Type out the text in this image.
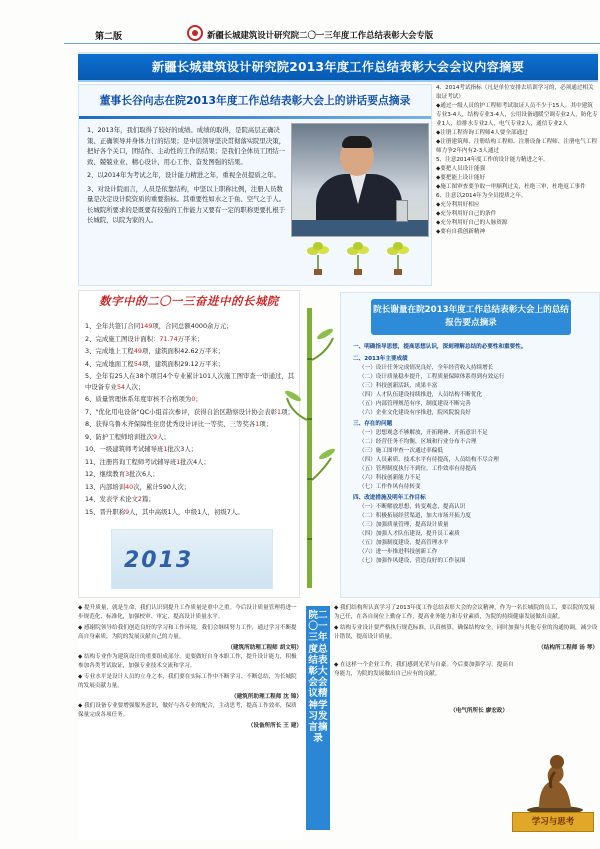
第二版	新疆长城建筑设计研究院二〇一三年度工作总结表彰大会专版
新疆长城建筑设计研究院2013年度工作总结表彰大会会议内容摘要
董事长谷向志在院2013年度工作总结表彰大会上的讲话要点摘录

1、2013年，我们取得了较好的成绩。成绩的取得，是院高层正确决策、正确领导并身体力行的结果；是中层领导坚决贯彻落实院里决策，把好各个关口，团结作、主动性的工作的结果；是我们全体员工团结一致、兢兢业业、精心设计、用心工作、奋发图强的结果。

2、以2014年为考试之年，设计能力精进之年，重视全员提质之年。

3、对设计院而言，人员是依靠结构，中坚以上职称比例，注册人员数量是决定设计院资质的重要指标。其重要性如水之于鱼、空气之于人。长城院所要求的是既要有较强的工作能力又要有一定的职称更要扎根于长城院，以院为家的人。

4、2014考试指标（凡是单位安排去培训学习的，必须通过相关取证考试）
◆通过一级人员的护工程师考试取证人员不少于15人。其中建筑专业3-4人，结构专业3-4人，公用设备通暖空调专业2人，防化专业1人，给排水专业2人，电气专业2人，通信专业2人
◆注册工程咨询工程师4人要全部通过
◆注册建筑师、注册结构工程师、注册设备工程师、注册电气工程师力争2年内有2-3人通过
5、注意2014年度工作的设计能力精进之年。
◆要把人员设计能强
◆要把能上设计能好
◆施工图审查要争取一审顺利过关，杜绝三审，杜绝返工事件
6、注意以2014年为全员提质之年。
◆充分利用好相应
◆充分利用好自己的条件
◆充分利用好自己的人脉资源
◆要有自我创新精神
数字中的二〇一三奋进中的长城院
1、全年共签订合同149项，合同总额4000余万元；
2、完成施工图设计面积：71.74万平米；
3、完成地上工程49项，建筑面积42.62万平米；
4、完成地面工程54项，建筑面积29.12万平米；
5、全年有25人在38个项目4个专业累计101人次施工图审查一审通过，其中设备专业54人次；
6、质量管理体系年度审核不合格项为0；
7、"优化用电设备"QC小组首次参评，获得自治区勘察设计协会表彰1项；
8、获得乌鲁木齐保障性住房优秀设计评比一等奖、三等奖各1项；
9、防护工程师培训批次9人；
10、一级建筑师考试辅导班1批次3人；
11、注册咨询工程师考试辅导班1批次4人；
12、继续教育3批次6人；
13、内部培训40次，累计590人次；
14、发表学术论文2篇；
15、晋升职称9人，其中高级1人，中级1人，初级7人。
2013
院长谢量在院2013年度工作总结表彰大会上的总结报告要点摘录
一、明确指导思想，提高思想认识，深刻理解总结的必要性和重要性。
二、2013年主要成绩
（一）设计任务完成情况良好，全年经营收入持续增长
（二）设计质量稳步提升，工程质量保障体系得到有效运行
（三）科技创新活跃，成果丰富
（四）人才队伍建设持续推进，人员结构不断优化
（五）内部管理规范有序，制度建设不断完善
（六）企业文化建设有序推进，院风院貌良好
三、存在的问题
（一）思想观念不够解放，开拓精神、开拓意识不足
（二）经营任务不均衡，区域和行业分布不合理
（三）施工图审查一次通过率偏低
（四）人员素质、技术水平有待提高，人员结构不尽合理
（五）管理制度执行不到位，工作效率有待提高
（六）科技创新能力不足
（七）工作作风有待转变
四、改进措施及明年工作目标
（一）不断解放思想，转变观念，提高认识
（二）积极拓展经营渠道，加大市场开拓力度
（三）加强质量管理，提高设计质量
（四）加强人才队伍建设，提升员工素质
（五）加强制度建设，提高管理水平
（六）进一步推进科技创新工作
（七）加强作风建设，营造良好的工作氛围

◆ 提升质量，就是生命，我们认识到提升工作质量是重中之重。今后设计质量管理将进一步规范化、标准化，加强校审、审定，提高设计质量水平。

◆ 感谢院领导给我们创造良好的学习和工作环境，我们会继续努力工作，通过学习不断提高自身素质，为院的发展贡献自己的力量。

（建筑所助理工程师 胡文明）

◆ 结构专业作为建筑设计的重要组成部分，更要做好自身本职工作，提升设计能力，积极参加各类考试取证，加强专业技术交流和学习。

◆ 专业水平是设计人员的立身之本，我们要在实际工作中不断学习、不断总结，为长城院的发展贡献力量。

（建筑所助理工程师 沈 锦）

◆ 我们设备专业要增强服务意识，做好与各专业的配合，主动思考，提高工作效率，保质保量完成各项任务。

（设备所所长 王 建）
院二〇一三年度总结表彰大会会议精神学习发言摘录

◆ 我们结构所认真学习了2013年度工作总结表彰大会的会议精神，作为一名长城院的员工，要以院的发展为己任，在各自岗位上勤奋工作，提高业务能力和专业素质，为院的持续健康发展做出贡献。

◆ 结构专业设计要严格执行规范标准，认真核算，确保结构安全，同时加强与其他专业的沟通协调，减少设计错误，提高设计质量。

（结构所工程师 汤 琴）

◆ 在这样一个企业工作，我们感到光荣与自豪。今后要加强学习，提高自身能力，为院的发展做出自己应有的贡献。

（电气所所长 廖宏政）
学习与思考
